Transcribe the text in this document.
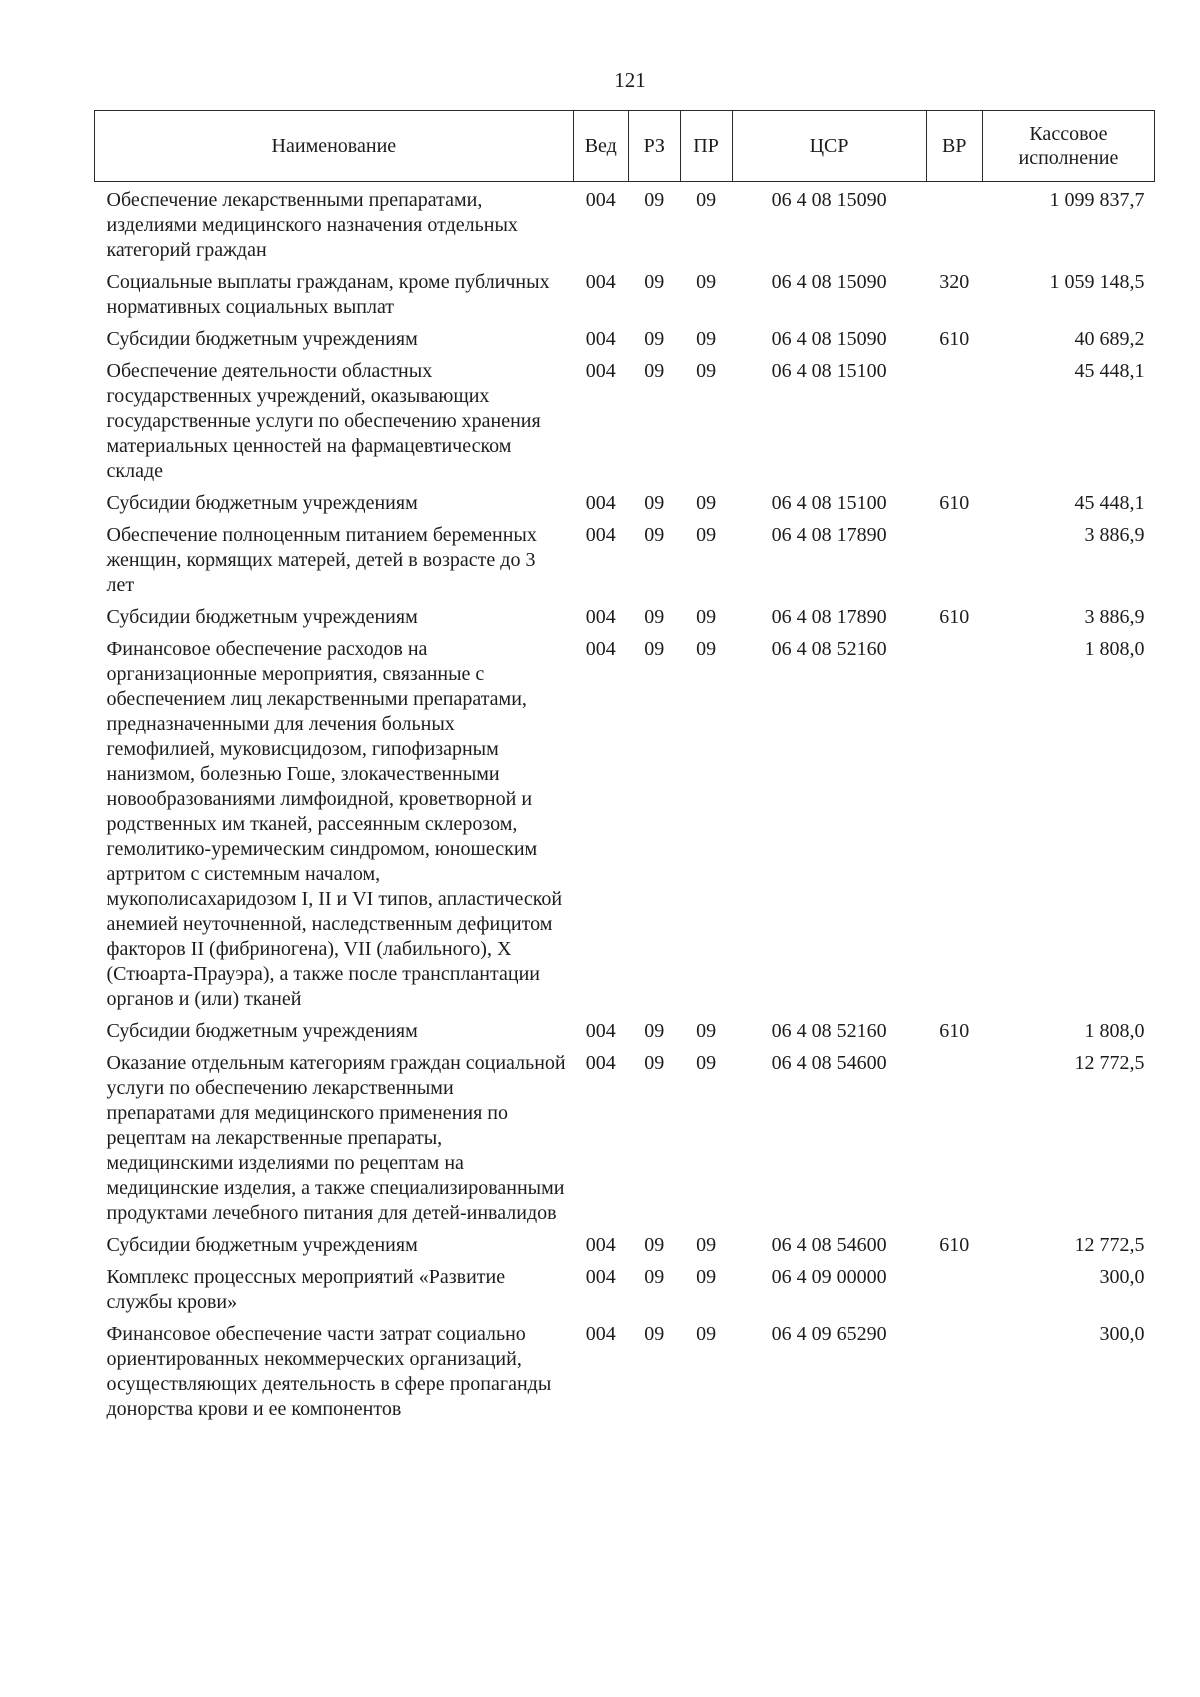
121
Наименование	Вед	РЗ	ПР	ЦСР	ВР	Кассовое исполнение
Обеспечение лекарственными препаратами, изделиями медицинского назначения отдельных категорий граждан	004	09	09	06 4 08 15090		1 099 837,7
Социальные выплаты гражданам, кроме публичных нормативных социальных выплат	004	09	09	06 4 08 15090	320	1 059 148,5
Субсидии бюджетным учреждениям	004	09	09	06 4 08 15090	610	40 689,2
Обеспечение деятельности областных государственных учреждений, оказывающих государственные услуги по обеспечению хранения материальных ценностей на фармацевтическом складе	004	09	09	06 4 08 15100		45 448,1
Субсидии бюджетным учреждениям	004	09	09	06 4 08 15100	610	45 448,1
Обеспечение полноценным питанием беременных женщин, кормящих матерей, детей в возрасте до 3 лет	004	09	09	06 4 08 17890		3 886,9
Субсидии бюджетным учреждениям	004	09	09	06 4 08 17890	610	3 886,9
Финансовое обеспечение расходов на организационные мероприятия, связанные с обеспечением лиц лекарственными препаратами, предназначенными для лечения больных гемофилией, муковисцидозом, гипофизарным нанизмом, болезнью Гоше, злокачественными новообразованиями лимфоидной, кроветворной и родственных им тканей, рассеянным склерозом, гемолитико-уремическим синдромом, юношеским артритом с системным началом, мукополисахаридозом I, II и VI типов, апластической анемией неуточненной, наследственным дефицитом факторов II (фибриногена), VII (лабильного), X (Стюарта-Прауэра), а также после трансплантации органов и (или) тканей	004	09	09	06 4 08 52160		1 808,0
Субсидии бюджетным учреждениям	004	09	09	06 4 08 52160	610	1 808,0
Оказание отдельным категориям граждан социальной услуги по обеспечению лекарственными препаратами для медицинского применения по рецептам на лекарственные препараты, медицинскими изделиями по рецептам на медицинские изделия, а также специализированными продуктами лечебного питания для детей-инвалидов	004	09	09	06 4 08 54600		12 772,5
Субсидии бюджетным учреждениям	004	09	09	06 4 08 54600	610	12 772,5
Комплекс процессных мероприятий «Развитие службы крови»	004	09	09	06 4 09 00000		300,0
Финансовое обеспечение части затрат социально ориентированных некоммерческих организаций, осуществляющих деятельность в сфере пропаганды донорства крови и ее компонентов	004	09	09	06 4 09 65290		300,0
